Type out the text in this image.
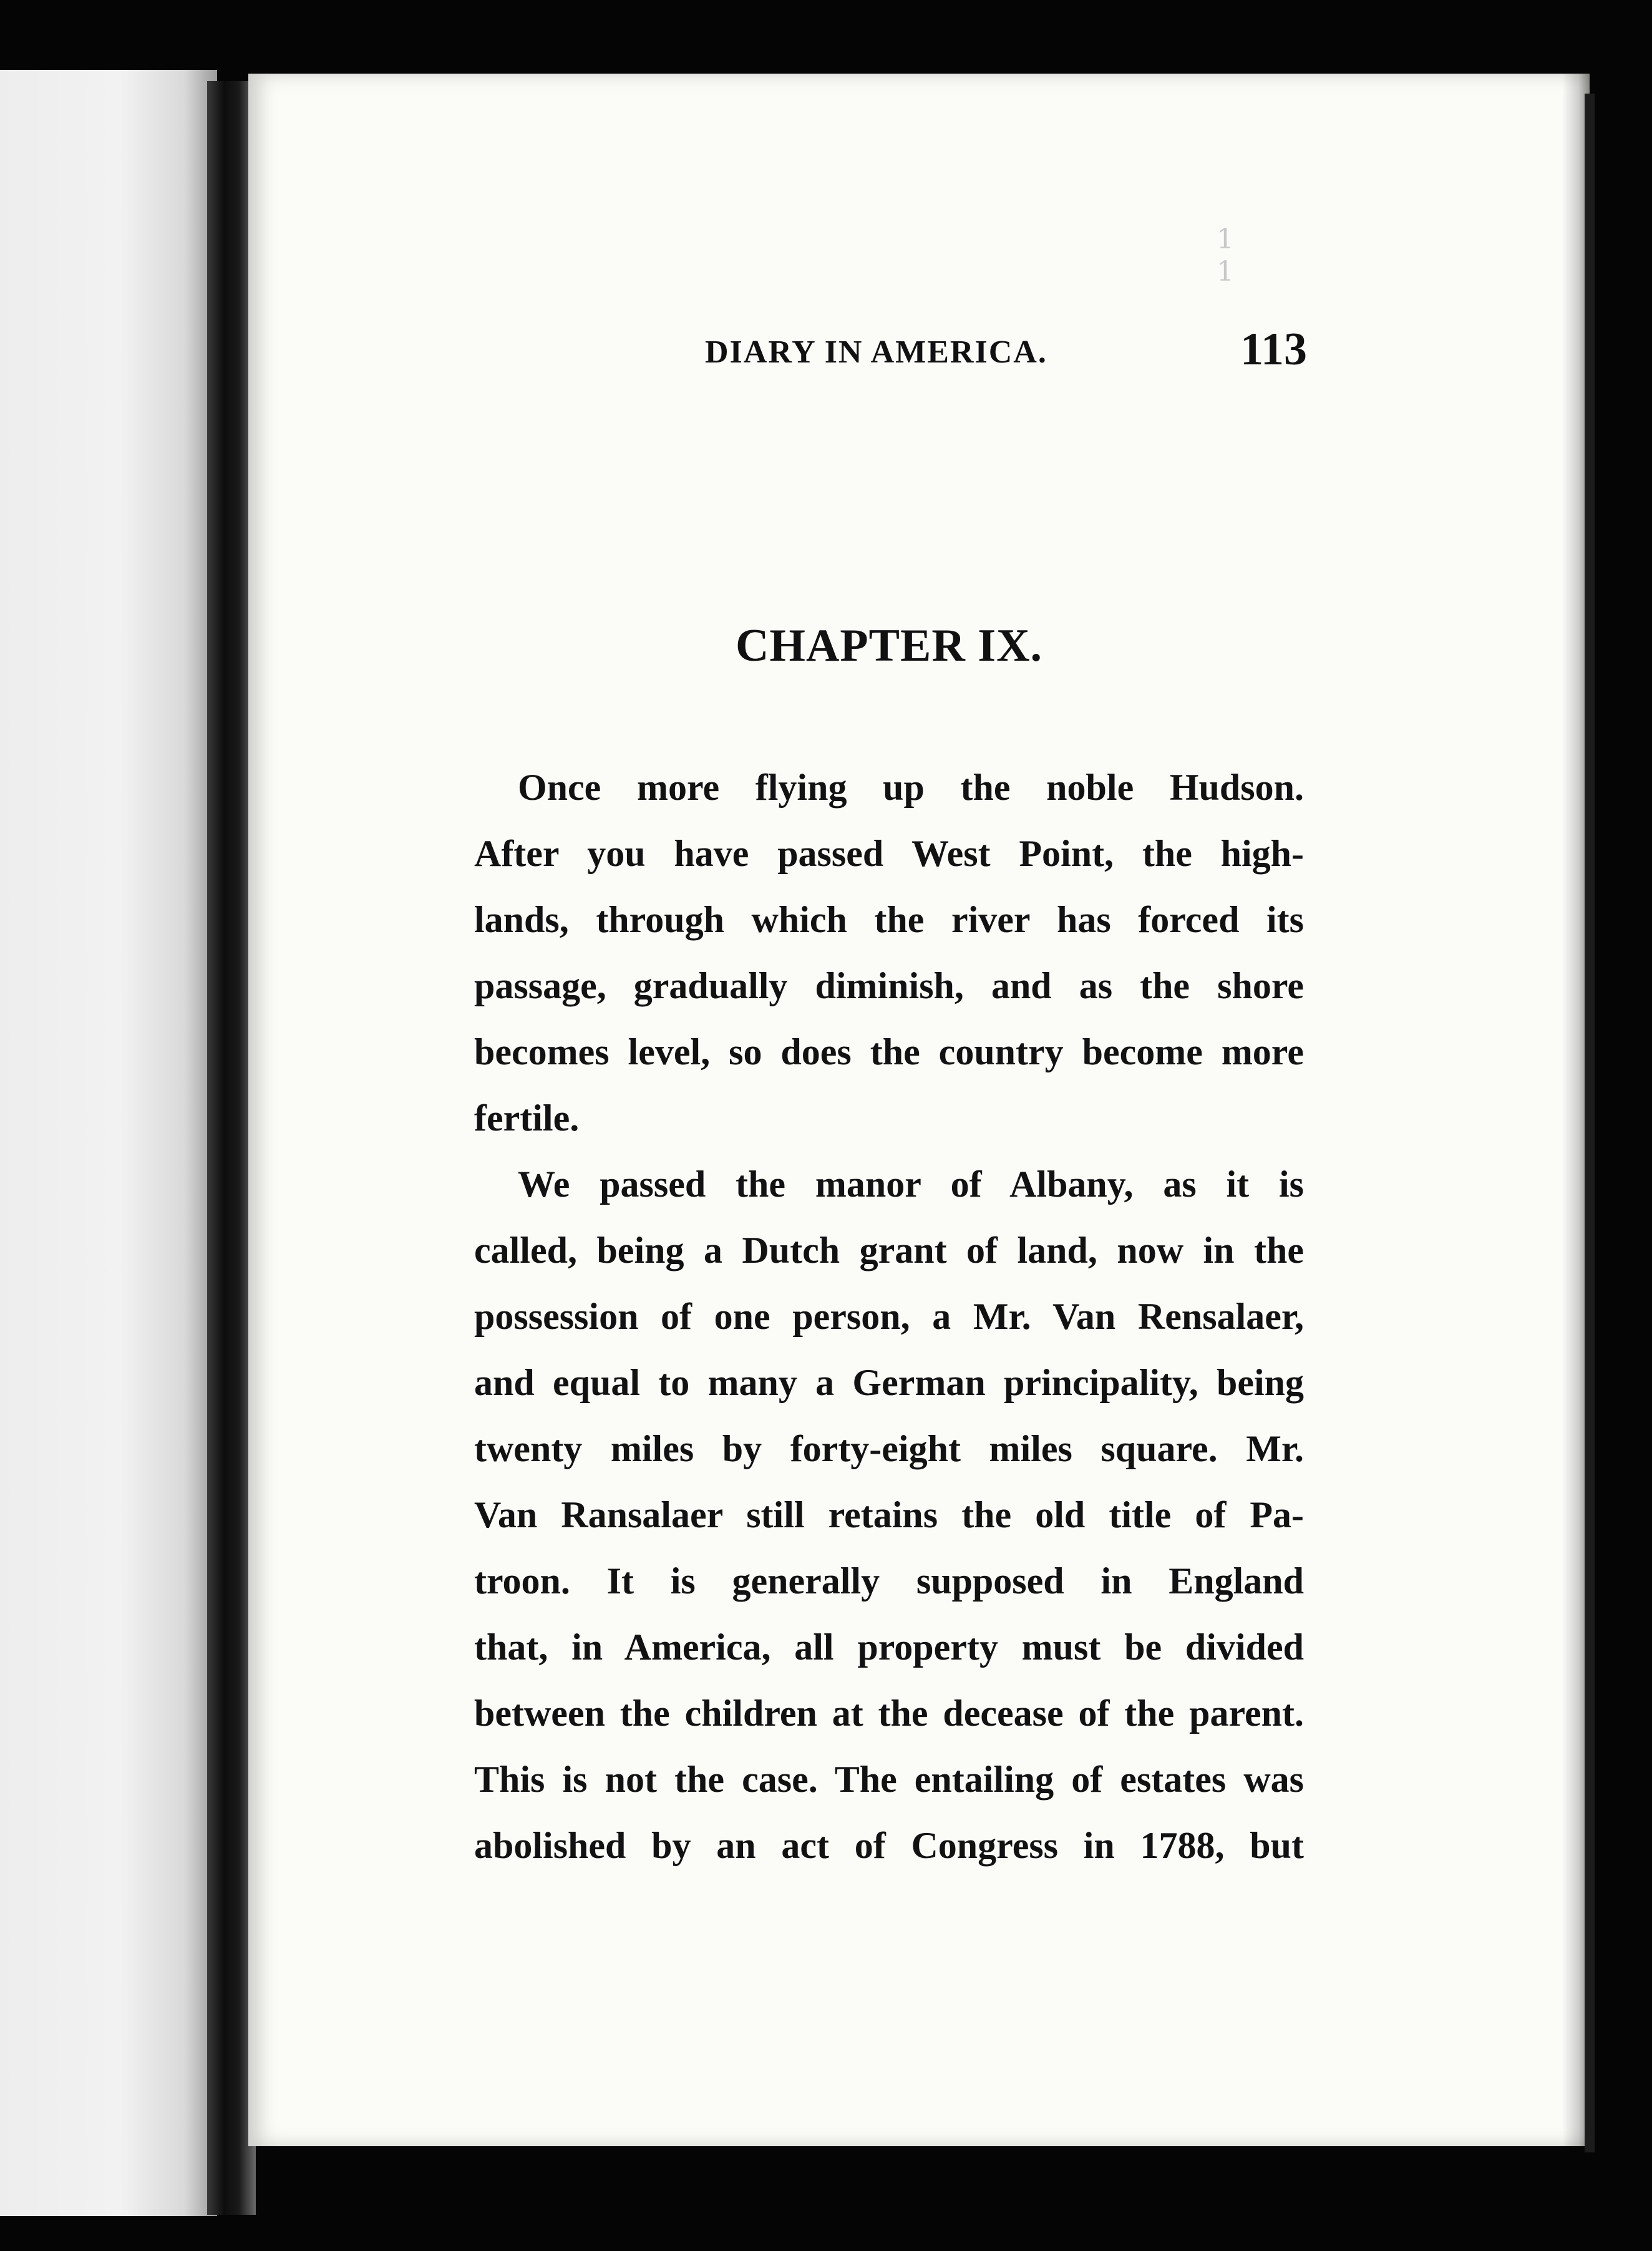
1 1
DIARY IN AMERICA.	113
CHAPTER IX.
Once more flying up the noble Hudson.
After you have passed West Point, the high-
lands, through which the river has forced its
passage, gradually diminish, and as the shore
becomes level, so does the country become more
fertile.
We passed the manor of Albany, as it is
called, being a Dutch grant of land, now in the
possession of one person, a Mr. Van Rensalaer,
and equal to many a German principality, being
twenty miles by forty-eight miles square. Mr.
Van Ransalaer still retains the old title of Pa-
troon. It is generally supposed in England
that, in America, all property must be divided
between the children at the decease of the parent.
This is not the case. The entailing of estates was
abolished by an act of Congress in 1788, but
